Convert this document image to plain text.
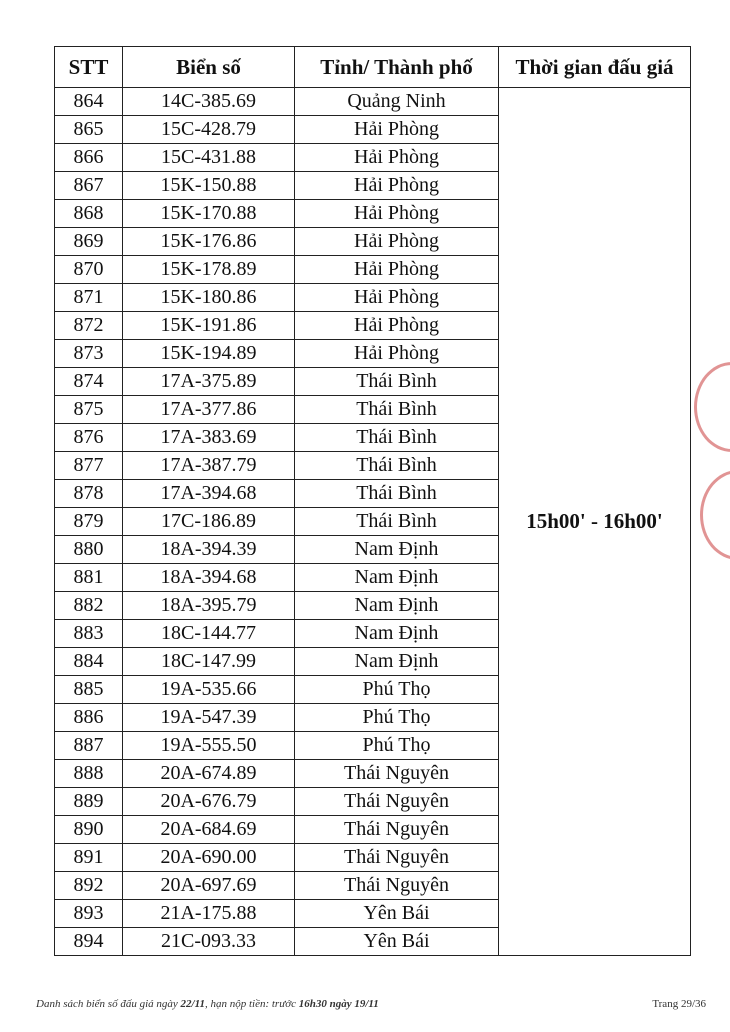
STT	Biển số	Tỉnh/ Thành phố	Thời gian đấu giá
864	14C-385.69	Quảng Ninh	15h00' - 16h00'
865	15C-428.79	Hải Phòng	
866	15C-431.88	Hải Phòng	
867	15K-150.88	Hải Phòng	
868	15K-170.88	Hải Phòng	
869	15K-176.86	Hải Phòng	
870	15K-178.89	Hải Phòng	
871	15K-180.86	Hải Phòng	
872	15K-191.86	Hải Phòng	
873	15K-194.89	Hải Phòng	
874	17A-375.89	Thái Bình	
875	17A-377.86	Thái Bình	
876	17A-383.69	Thái Bình	
877	17A-387.79	Thái Bình	
878	17A-394.68	Thái Bình	
879	17C-186.89	Thái Bình	
880	18A-394.39	Nam Định	
881	18A-394.68	Nam Định	
882	18A-395.79	Nam Định	
883	18C-144.77	Nam Định	
884	18C-147.99	Nam Định	
885	19A-535.66	Phú Thọ	
886	19A-547.39	Phú Thọ	
887	19A-555.50	Phú Thọ	
888	20A-674.89	Thái Nguyên	
889	20A-676.79	Thái Nguyên	
890	20A-684.69	Thái Nguyên	
891	20A-690.00	Thái Nguyên	
892	20A-697.69	Thái Nguyên	
893	21A-175.88	Yên Bái	
894	21C-093.33	Yên Bái	
Danh sách biển số đấu giá ngày 22/11, hạn nộp tiền: trước 16h30 ngày 19/11	Trang 29/36
